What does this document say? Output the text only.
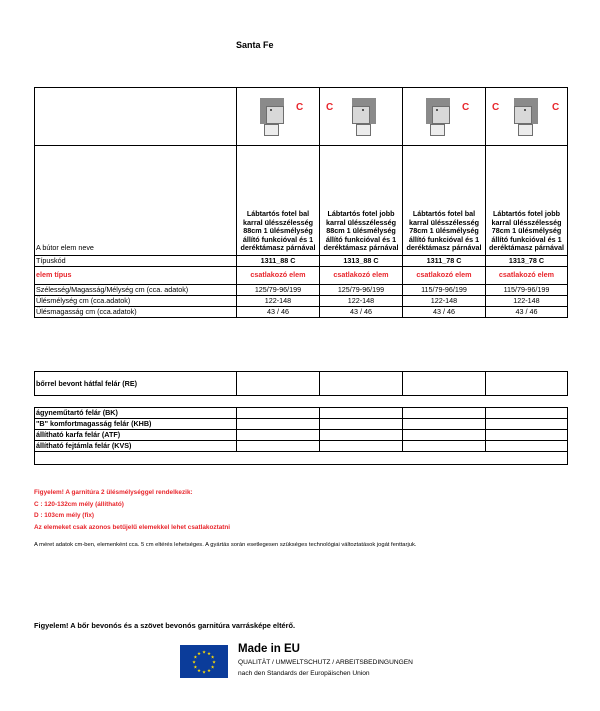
Santa Fe

	C	C	C	C C

A bútor elem neve	Lábtartós fotel bal karral ülésszélesség 88cm 1 ülésmélység állító funkcióval és 1 deréktámasz párnával	Lábtartós fotel jobb karral ülésszélesség 88cm 1 ülésmélység állító funkcióval és 1 deréktámasz párnával	Lábtartós fotel bal karral ülésszélesség 78cm 1 ülésmélység állító funkcióval és 1 deréktámasz párnával	Lábtartós fotel jobb karral ülésszélesség 78cm 1 ülésmélység állító funkcióval és 1 deréktámasz párnával
Típuskód	1311_88 C	1313_88 C	1311_78 C	1313_78 C
elem típus	csatlakozó elem	csatlakozó elem	csatlakozó elem	csatlakozó elem
Szélesség/Magasság/Mélység cm (cca. adatok)	125/79-96/199	125/79-96/199	115/79-96/199	115/79-96/199
Ülésmélység cm (cca.adatok)	122-148	122-148	122-148	122-148
Ülésmagasság cm (cca.adatok)	43 / 46	43 / 46	43 / 46	43 / 46
bőrrel bevont hátfal felár (RE)				
ágyneműtartó felár (BK)				
"B" komfortmagasság felár (KHB)				
állítható karfa felár (ATF)				
állítható fejtámla felár (KVS)				

Figyelem! A garnitúra 2 ülésmélységgel rendelkezik:
C : 120-132cm mély (állítható)
D : 103cm mély (fix)
Az elemeket csak azonos betűjelű elemekkel lehet csatlakoztatni
A méret adatok cm-ben, elemenként cca. 5 cm eltérés lehetséges. A gyártás során esetlegesen szükséges technológiai változtatások jogát fenttarjuk.
Figyelem! A bőr bevonós és a szövet bevonós garnitúra varrásképe eltérő.
★ ★
★
★
★
★
★
★
★
★
★
★	Made in EU
QUALITÄT / UMWELTSCHUTZ / ARBEITSBEDINGUNGEN
nach den Standards der Europäischen Union
